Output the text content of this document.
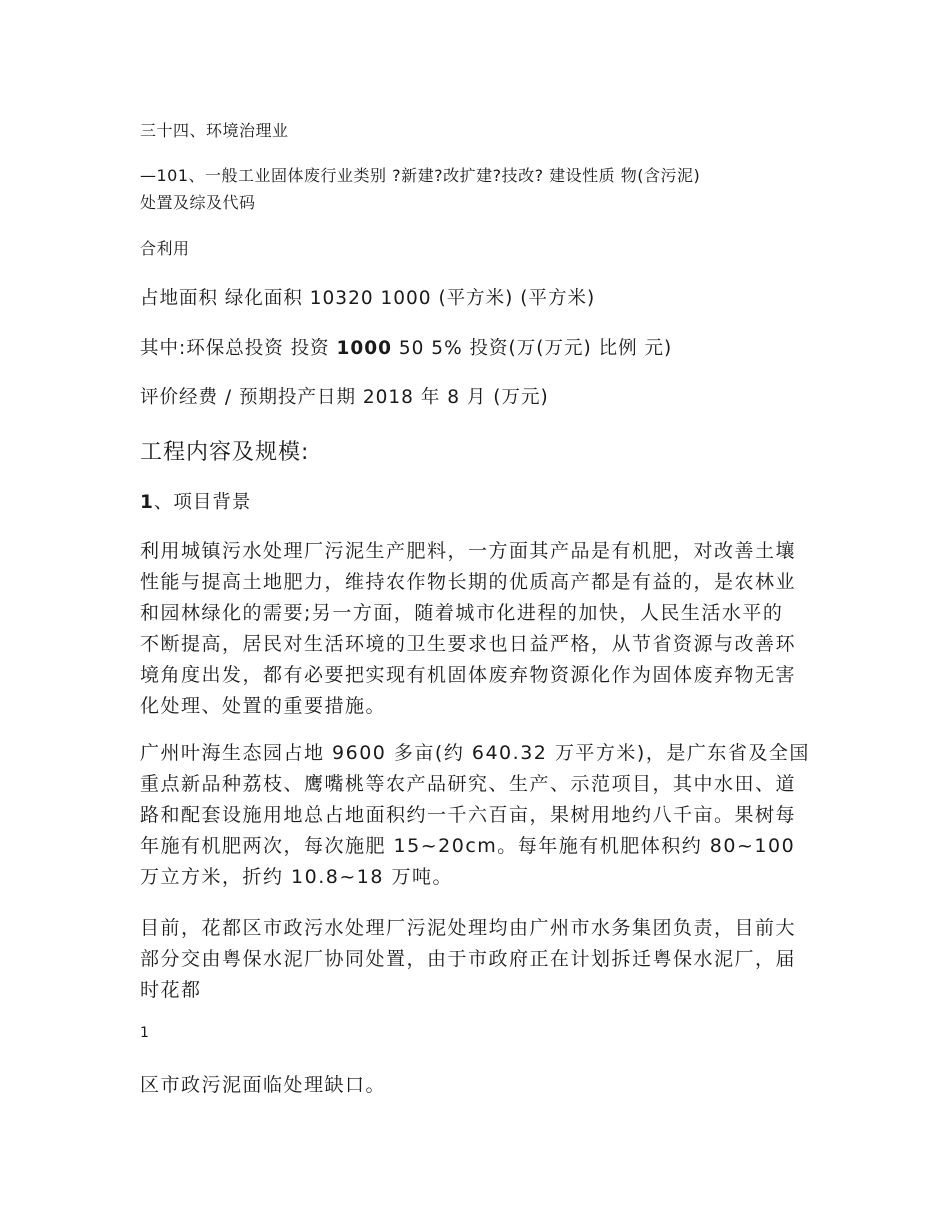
三十四、环境治理业
—101、一般工业固体废行业类别 ?新建?改扩建?技改? 建设性质 物(含污泥)
处置及综及代码
合利用
占地面积 绿化面积 10320 1000 (平方米) (平方米)
其中:环保总投资 投资 1000 50 5% 投资(万(万元) 比例 元)
评价经费 / 预期投产日期 2018 年 8 月 (万元)
工程内容及规模:
1、项目背景
利用城镇污水处理厂污泥生产肥料，一方面其产品是有机肥，对改善土壤
性能与提高土地肥力，维持农作物长期的优质高产都是有益的，是农林业
和园林绿化的需要;另一方面，随着城市化进程的加快，人民生活水平的
不断提高，居民对生活环境的卫生要求也日益严格，从节省资源与改善环
境角度出发，都有必要把实现有机固体废弃物资源化作为固体废弃物无害
化处理、处置的重要措施。
广州叶海生态园占地 9600 多亩(约 640.32 万平方米)，是广东省及全国
重点新品种荔枝、鹰嘴桃等农产品研究、生产、示范项目，其中水田、道
路和配套设施用地总占地面积约一千六百亩，果树用地约八千亩。果树每
年施有机肥两次，每次施肥 15~20cm。每年施有机肥体积约 80~100
万立方米，折约 10.8~18 万吨。
目前，花都区市政污水处理厂污泥处理均由广州市水务集团负责，目前大
部分交由粤保水泥厂协同处置，由于市政府正在计划拆迁粤保水泥厂，届
时花都
1
区市政污泥面临处理缺口。
